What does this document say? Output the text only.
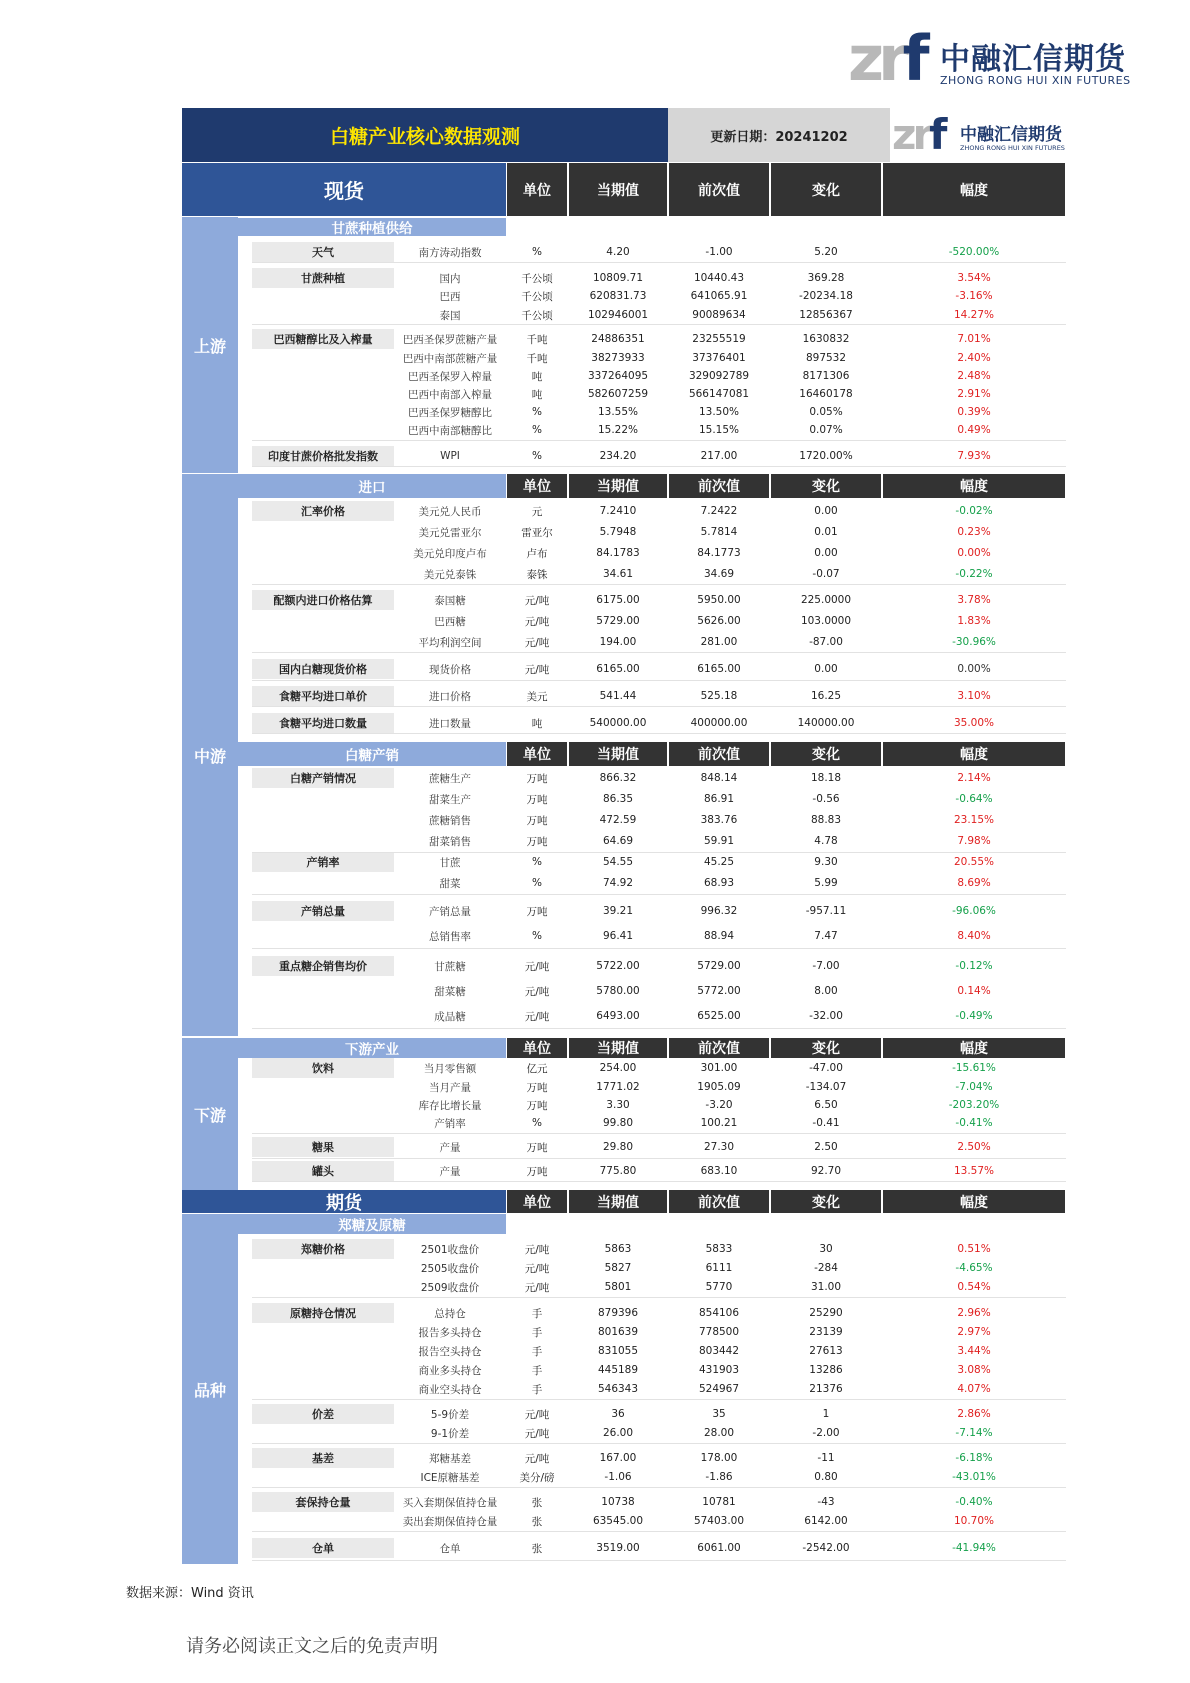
zrf 中融汇信期货
ZHONG RONG HUI XIN FUTURES
白糖产业核心数据观测	更新日期：20241202	zrf 中融汇信期货
ZHONG RONG HUI XIN FUTURES
上游
中游
下游
品种
现货	单位	当期值	前次值	变化	幅度
甘蔗种植供给
进口	单位	当期值	前次值	变化	幅度
白糖产销	单位	当期值	前次值	变化	幅度
下游产业	单位	当期值	前次值	变化	幅度
期货	单位	当期值	前次值	变化	幅度
郑糖及原糖
天气	南方涛动指数	%	4.20	-1.00	5.20	-520.00%
甘蔗种植	国内	千公顷	10809.71	10440.43	369.28	3.54%
巴西	千公顷	620831.73	641065.91	-20234.18	-3.16%
泰国	千公顷	102946001	90089634	12856367	14.27%
巴西糖醇比及入榨量	巴西圣保罗蔗糖产量	千吨	24886351	23255519	1630832	7.01%
巴西中南部蔗糖产量	千吨	38273933	37376401	897532	2.40%
巴西圣保罗入榨量	吨	337264095	329092789	8171306	2.48%
巴西中南部入榨量	吨	582607259	566147081	16460178	2.91%
巴西圣保罗糖醇比	%	13.55%	13.50%	0.05%	0.39%
巴西中南部糖醇比	%	15.22%	15.15%	0.07%	0.49%
印度甘蔗价格批发指数	WPI	%	234.20	217.00	1720.00%	7.93%
汇率价格	美元兑人民币	元	7.2410	7.2422	0.00	-0.02%
美元兑雷亚尔	雷亚尔	5.7948	5.7814	0.01	0.23%
美元兑印度卢布	卢布	84.1783	84.1773	0.00	0.00%
美元兑泰铢	泰铢	34.61	34.69	-0.07	-0.22%
配额内进口价格估算	泰国糖	元/吨	6175.00	5950.00	225.0000	3.78%
巴西糖	元/吨	5729.00	5626.00	103.0000	1.83%
平均利润空间	元/吨	194.00	281.00	-87.00	-30.96%
国内白糖现货价格	现货价格	元/吨	6165.00	6165.00	0.00	0.00%
食糖平均进口单价	进口价格	美元	541.44	525.18	16.25	3.10%
食糖平均进口数量	进口数量	吨	540000.00	400000.00	140000.00	35.00%
白糖产销情况	蔗糖生产	万吨	866.32	848.14	18.18	2.14%
甜菜生产	万吨	86.35	86.91	-0.56	-0.64%
蔗糖销售	万吨	472.59	383.76	88.83	23.15%
甜菜销售	万吨	64.69	59.91	4.78	7.98%
产销率	甘蔗	%	54.55	45.25	9.30	20.55%
甜菜	%	74.92	68.93	5.99	8.69%
产销总量	产销总量	万吨	39.21	996.32	-957.11	-96.06%
总销售率	%	96.41	88.94	7.47	8.40%
重点糖企销售均价	甘蔗糖	元/吨	5722.00	5729.00	-7.00	-0.12%
甜菜糖	元/吨	5780.00	5772.00	8.00	0.14%
成品糖	元/吨	6493.00	6525.00	-32.00	-0.49%
饮料	当月零售额	亿元	254.00	301.00	-47.00	-15.61%
当月产量	万吨	1771.02	1905.09	-134.07	-7.04%
库存比增长量	万吨	3.30	-3.20	6.50	-203.20%
产销率	%	99.80	100.21	-0.41	-0.41%
糖果	产量	万吨	29.80	27.30	2.50	2.50%
罐头	产量	万吨	775.80	683.10	92.70	13.57%
郑糖价格	2501收盘价	元/吨	5863	5833	30	0.51%
2505收盘价	元/吨	5827	6111	-284	-4.65%
2509收盘价	元/吨	5801	5770	31.00	0.54%
原糖持仓情况	总持仓	手	879396	854106	25290	2.96%
报告多头持仓	手	801639	778500	23139	2.97%
报告空头持仓	手	831055	803442	27613	3.44%
商业多头持仓	手	445189	431903	13286	3.08%
商业空头持仓	手	546343	524967	21376	4.07%
价差	5-9价差	元/吨	36	35	1	2.86%
9-1价差	元/吨	26.00	28.00	-2.00	-7.14%
基差	郑糖基差	元/吨	167.00	178.00	-11	-6.18%
ICE原糖基差	美分/磅	-1.06	-1.86	0.80	-43.01%
套保持仓量	买入套期保值持仓量	张	10738	10781	-43	-0.40%
卖出套期保值持仓量	张	63545.00	57403.00	6142.00	10.70%
仓单	仓单	张	3519.00	6061.00	-2542.00	-41.94%
数据来源：Wind 资讯
请务必阅读正文之后的免责声明
